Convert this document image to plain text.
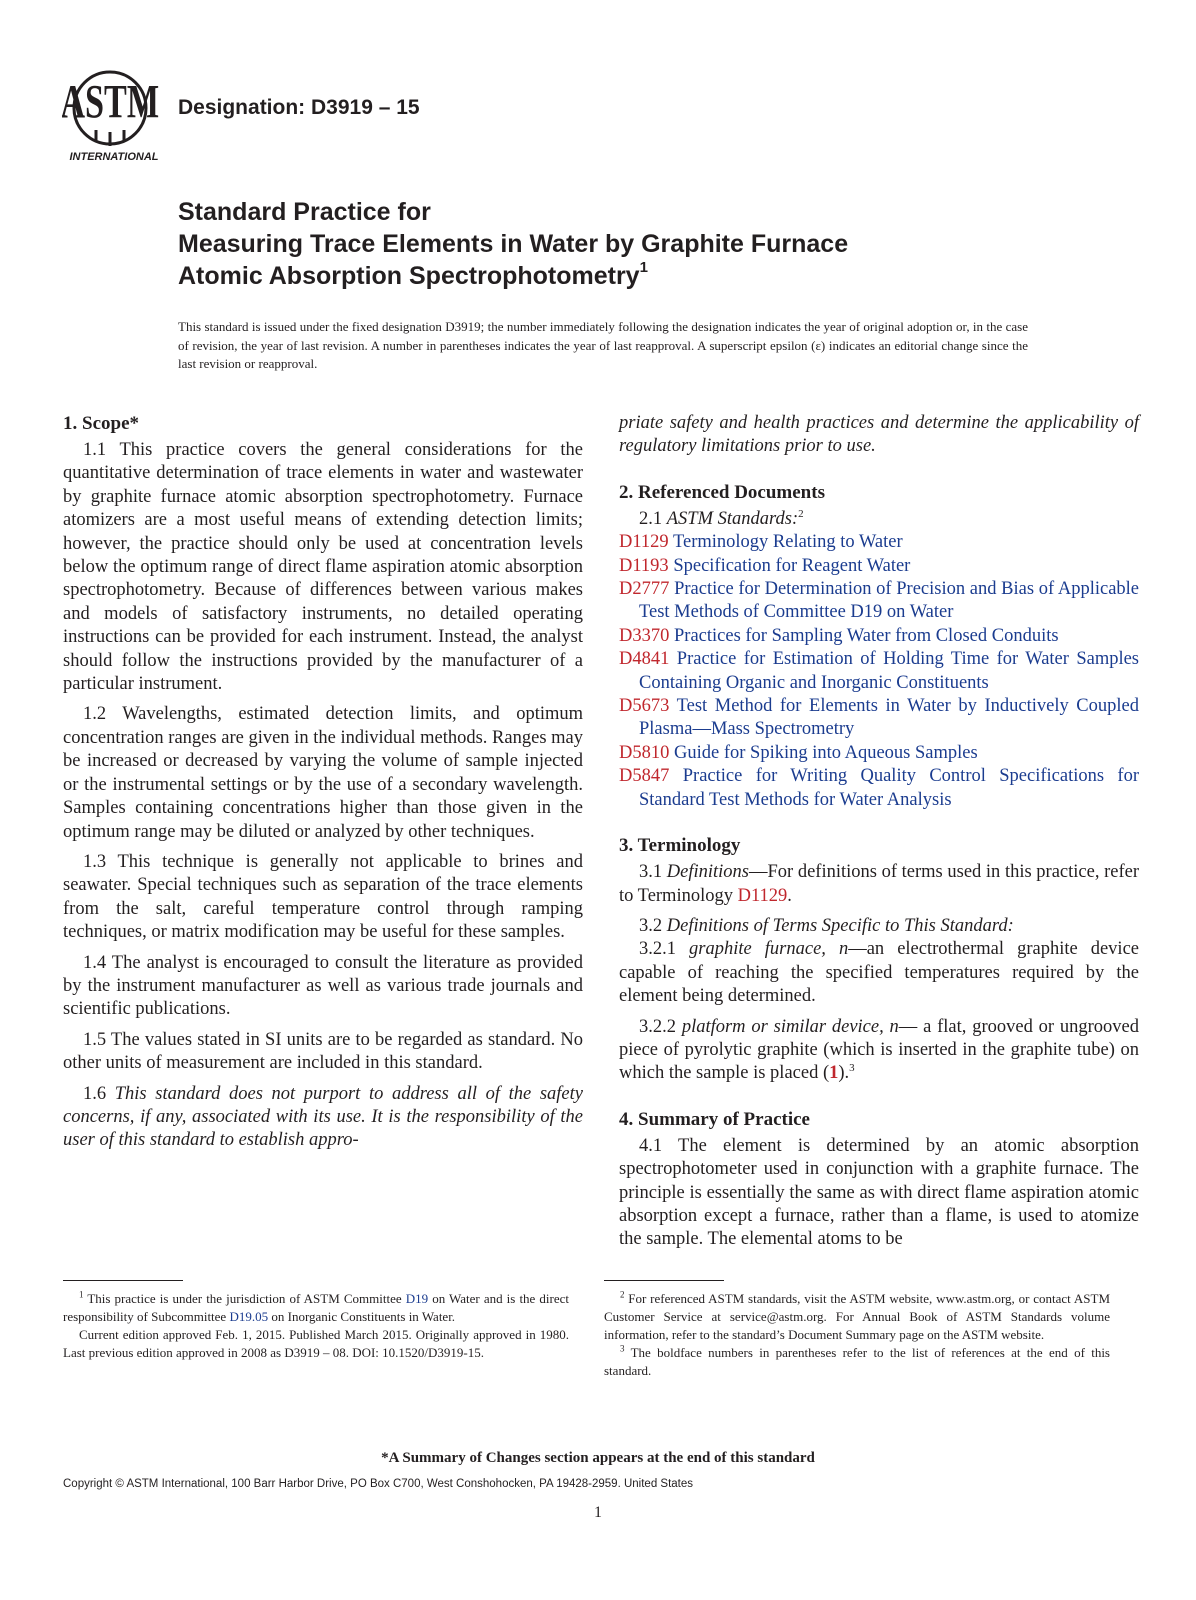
ASTM
INTERNATIONAL
Designation: D3919 – 15
Standard Practice for
Measuring Trace Elements in Water by Graphite Furnace
Atomic Absorption Spectrophotometry$^1$
This standard is issued under the fixed designation D3919; the number immediately following the designation indicates the year of original adoption or, in the case of revision, the year of last revision. A number in parentheses indicates the year of last reapproval. A superscript epsilon (ε) indicates an editorial change since the last revision or reapproval.
1. Scope*

1.1 This practice covers the general considerations for the quantitative determination of trace elements in water and wastewater by graphite furnace atomic absorption spectrophotometry. Furnace atomizers are a most useful means of extending detection limits; however, the practice should only be used at concentration levels below the optimum range of direct flame aspiration atomic absorption spectrophotometry. Because of differences between various makes and models of satisfactory instruments, no detailed operating instructions can be provided for each instrument. Instead, the analyst should follow the instructions provided by the manufacturer of a particular instrument.

1.2 Wavelengths, estimated detection limits, and optimum concentration ranges are given in the individual methods. Ranges may be increased or decreased by varying the volume of sample injected or the instrumental settings or by the use of a secondary wavelength. Samples containing concentrations higher than those given in the optimum range may be diluted or analyzed by other techniques.

1.3 This technique is generally not applicable to brines and seawater. Special techniques such as separation of the trace elements from the salt, careful temperature control through ramping techniques, or matrix modification may be useful for these samples.

1.4 The analyst is encouraged to consult the literature as provided by the instrument manufacturer as well as various trade journals and scientific publications.

1.5 The values stated in SI units are to be regarded as standard. No other units of measurement are included in this standard.

1.6 This standard does not purport to address all of the safety concerns, if any, associated with its use. It is the responsibility of the user of this standard to establish appro-

priate safety and health practices and determine the applicability of regulatory limitations prior to use.

2. Referenced Documents

2.1 ASTM Standards:$^2$

D1129 Terminology Relating to Water

D1193 Specification for Reagent Water

D2777 Practice for Determination of Precision and Bias of Applicable Test Methods of Committee D19 on Water

D3370 Practices for Sampling Water from Closed Conduits

D4841 Practice for Estimation of Holding Time for Water Samples Containing Organic and Inorganic Constituents

D5673 Test Method for Elements in Water by Inductively Coupled Plasma—Mass Spectrometry

D5810 Guide for Spiking into Aqueous Samples

D5847 Practice for Writing Quality Control Specifications for Standard Test Methods for Water Analysis

3. Terminology

3.1 Definitions—For definitions of terms used in this practice, refer to Terminology D1129.

3.2 Definitions of Terms Specific to This Standard:

3.2.1 graphite furnace, n—an electrothermal graphite device capable of reaching the specified temperatures required by the element being determined.

3.2.2 platform or similar device, n— a flat, grooved or ungrooved piece of pyrolytic graphite (which is inserted in the graphite tube) on which the sample is placed (1).$^3$

4. Summary of Practice

4.1 The element is determined by an atomic absorption spectrophotometer used in conjunction with a graphite furnace. The principle is essentially the same as with direct flame aspiration atomic absorption except a furnace, rather than a flame, is used to atomize the sample. The elemental atoms to be

$^1$ This practice is under the jurisdiction of ASTM Committee D19 on Water and is the direct responsibility of Subcommittee D19.05 on Inorganic Constituents in Water.

Current edition approved Feb. 1, 2015. Published March 2015. Originally approved in 1980. Last previous edition approved in 2008 as D3919 – 08. DOI: 10.1520/D3919-15.

$^2$ For referenced ASTM standards, visit the ASTM website, www.astm.org, or contact ASTM Customer Service at service@astm.org. For Annual Book of ASTM Standards volume information, refer to the standard’s Document Summary page on the ASTM website.

$^3$ The boldface numbers in parentheses refer to the list of references at the end of this standard.

*A Summary of Changes section appears at the end of this standard
Copyright © ASTM International, 100 Barr Harbor Drive, PO Box C700, West Conshohocken, PA 19428-2959. United States
1
